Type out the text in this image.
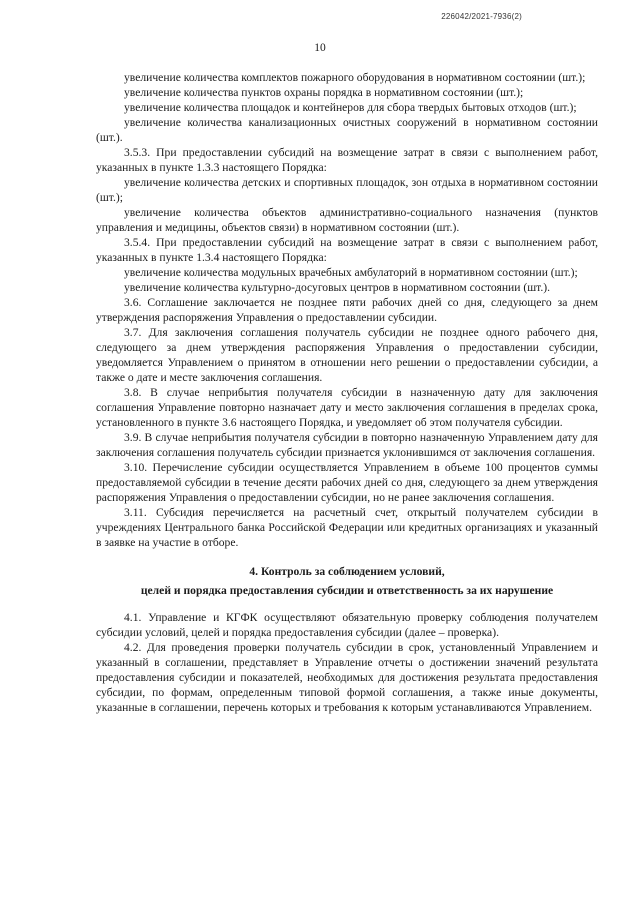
226042/2021-7936(2)
10

увеличение количества комплектов пожарного оборудования в нормативном состоянии (шт.);

увеличение количества пунктов охраны порядка в нормативном состоянии (шт.);

увеличение количества площадок и контейнеров для сбора твердых бытовых отходов (шт.);

увеличение количества канализационных очистных сооружений в нормативном состоянии (шт.).

3.5.3. При предоставлении субсидий на возмещение затрат в связи с выполнением работ, указанных в пункте 1.3.3 настоящего Порядка:

увеличение количества детских и спортивных площадок, зон отдыха в нормативном состоянии (шт.);

увеличение количества объектов административно-социального назначения (пунктов управления и медицины, объектов связи) в нормативном состоянии (шт.).

3.5.4. При предоставлении субсидий на возмещение затрат в связи с выполнением работ, указанных в пункте 1.3.4 настоящего Порядка:

увеличение количества модульных врачебных амбулаторий в нормативном состоянии (шт.);

увеличение количества культурно-досуговых центров в нормативном состоянии (шт.).

3.6. Соглашение заключается не позднее пяти рабочих дней со дня, следующего за днем утверждения распоряжения Управления о предоставлении субсидии.

3.7. Для заключения соглашения получатель субсидии не позднее одного рабочего дня, следующего за днем утверждения распоряжения Управления о предоставлении субсидии, уведомляется Управлением о принятом в отношении него решении о предоставлении субсидии, а также о дате и месте заключения соглашения.

3.8. В случае неприбытия получателя субсидии в назначенную дату для заключения соглашения Управление повторно назначает дату и место заключения соглашения в пределах срока, установленного в пункте 3.6 настоящего Порядка, и уведомляет об этом получателя субсидии.

3.9. В случае неприбытия получателя субсидии в повторно назначенную Управлением дату для заключения соглашения получатель субсидии признается уклонившимся от заключения соглашения.

3.10. Перечисление субсидии осуществляется Управлением в объеме 100 процентов суммы предоставляемой субсидии в течение десяти рабочих дней со дня, следующего за днем утверждения распоряжения Управления о предоставлении субсидии, но не ранее заключения соглашения.

3.11. Субсидия перечисляется на расчетный счет, открытый получателем субсидии в учреждениях Центрального банка Российской Федерации или кредитных организациях и указанный в заявке на участие в отборе.

4. Контроль за соблюдением условий,
целей и порядка предоставления субсидии и ответственность за их нарушение

4.1. Управление и КГФК осуществляют обязательную проверку соблюдения получателем субсидии условий, целей и порядка предоставления субсидии (далее – проверка).

4.2. Для проведения проверки получатель субсидии в срок, установленный Управлением и указанный в соглашении, представляет в Управление отчеты о достижении значений результата предоставления субсидии и показателей, необходимых для достижения результата предоставления субсидии, по формам, определенным типовой формой соглашения, а также иные документы, указанные в соглашении, перечень которых и требования к которым устанавливаются Управлением.
